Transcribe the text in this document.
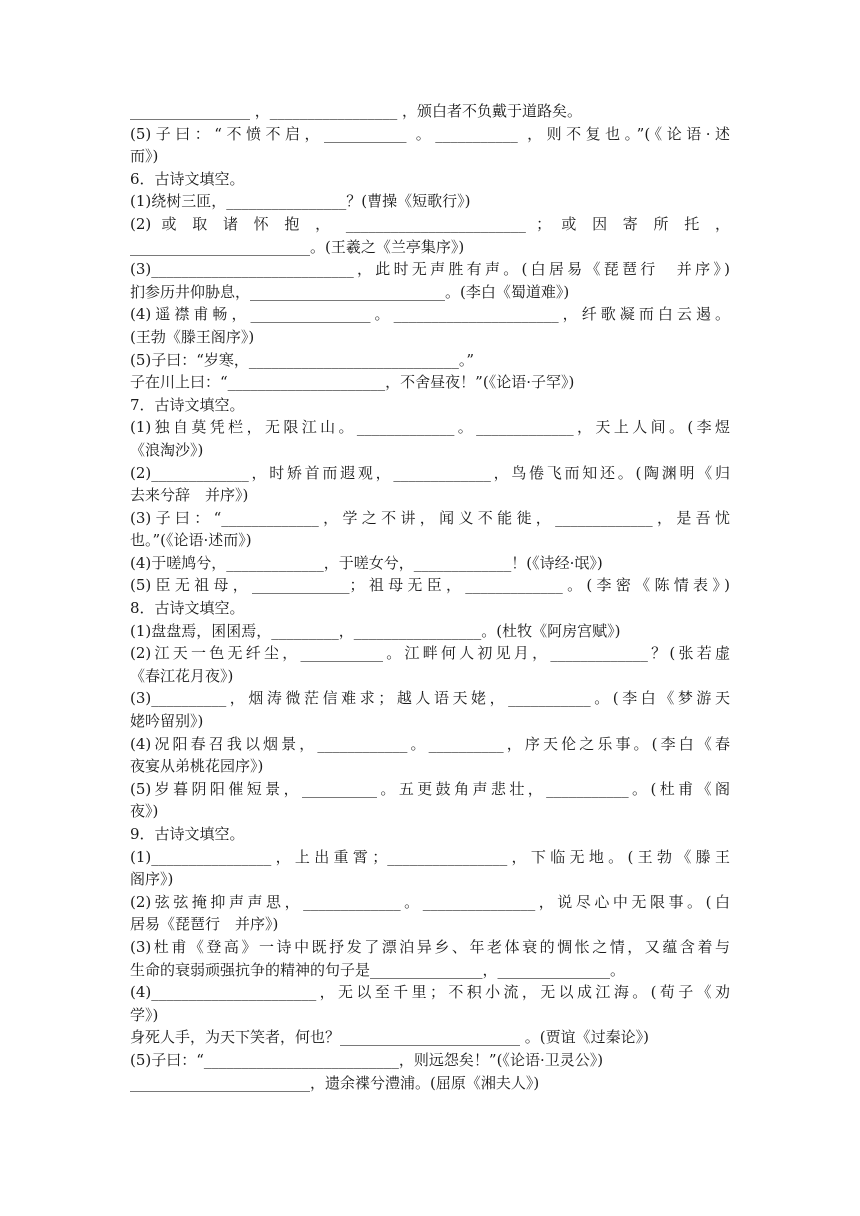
________________ ，_________________ ，颁白者不负戴于道路矣。
(5)子曰：“不愤不启，___________ 。___________ ，则不复也。”(《论语·述
而》)
6．古诗文填空。
(1)绕树三匝，________________？(曹操《短歌行》)
(2) 或 取 诸 怀 抱 ， ________________________ ； 或 因 寄 所 托 ，
________________________。(王羲之《兰亭集序》)
(3)___________________________，此时无声胜有声。(白居易《琵琶行　并序》)
扪参历井仰胁息，__________________________。(李白《蜀道难》)
(4)遥襟甫畅，________________。______________________，纤歌凝而白云遏。
(王勃《滕王阁序》)
(5)子曰：“岁寒，____________________________。”
子在川上曰：“_____________________，不舍昼夜！”(《论语·子罕》)
7．古诗文填空。
(1)独自莫凭栏，无限江山。_____________。_____________，天上人间。(李煜
《浪淘沙》)
(2)_____________，时矫首而遐观，_____________，鸟倦飞而知还。(陶渊明《归
去来兮辞　并序》)
(3)子曰：“_____________，学之不讲，闻义不能徙，_____________，是吾忧
也。”(《论语·述而》)
(4)于嗟鸠兮，_____________，于嗟女兮，_____________！(《诗经·氓》)
(5)臣无祖母，_____________；祖母无臣，_____________。(李密《陈情表》)
8．古诗文填空。
(1)盘盘焉，囷囷焉，_________，_________________。(杜牧《阿房宫赋》)
(2)江天一色无纤尘，___________。江畔何人初见月，_____________？(张若虚
《春江花月夜》)
(3)__________，烟涛微茫信难求；越人语天姥，___________。(李白《梦游天
姥吟留别》)
(4)况阳春召我以烟景，____________。__________，序天伦之乐事。(李白《春
夜宴从弟桃花园序》)
(5)岁暮阴阳催短景，__________。五更鼓角声悲壮，___________。(杜甫《阁
夜》)
9．古诗文填空。
(1)________________，上出重霄；________________，下临无地。(王勃《滕王
阁序》)
(2)弦弦掩抑声声思，_____________。_______________，说尽心中无限事。(白
居易《琵琶行　并序》)
(3)杜甫《登高》一诗中既抒发了漂泊异乡、年老体衰的惆怅之情，又蕴含着与
生命的衰弱顽强抗争的精神的句子是_______________，_______________。
(4)______________________，无以至千里；不积小流，无以成江海。(荀子《劝
学》)
身死人手，为天下笑者，何也？________________________ 。(贾谊《过秦论》)
(5)子曰：“__________________________，则远怨矣！”(《论语·卫灵公》)
________________________，遗余褋兮澧浦。(屈原《湘夫人》)
